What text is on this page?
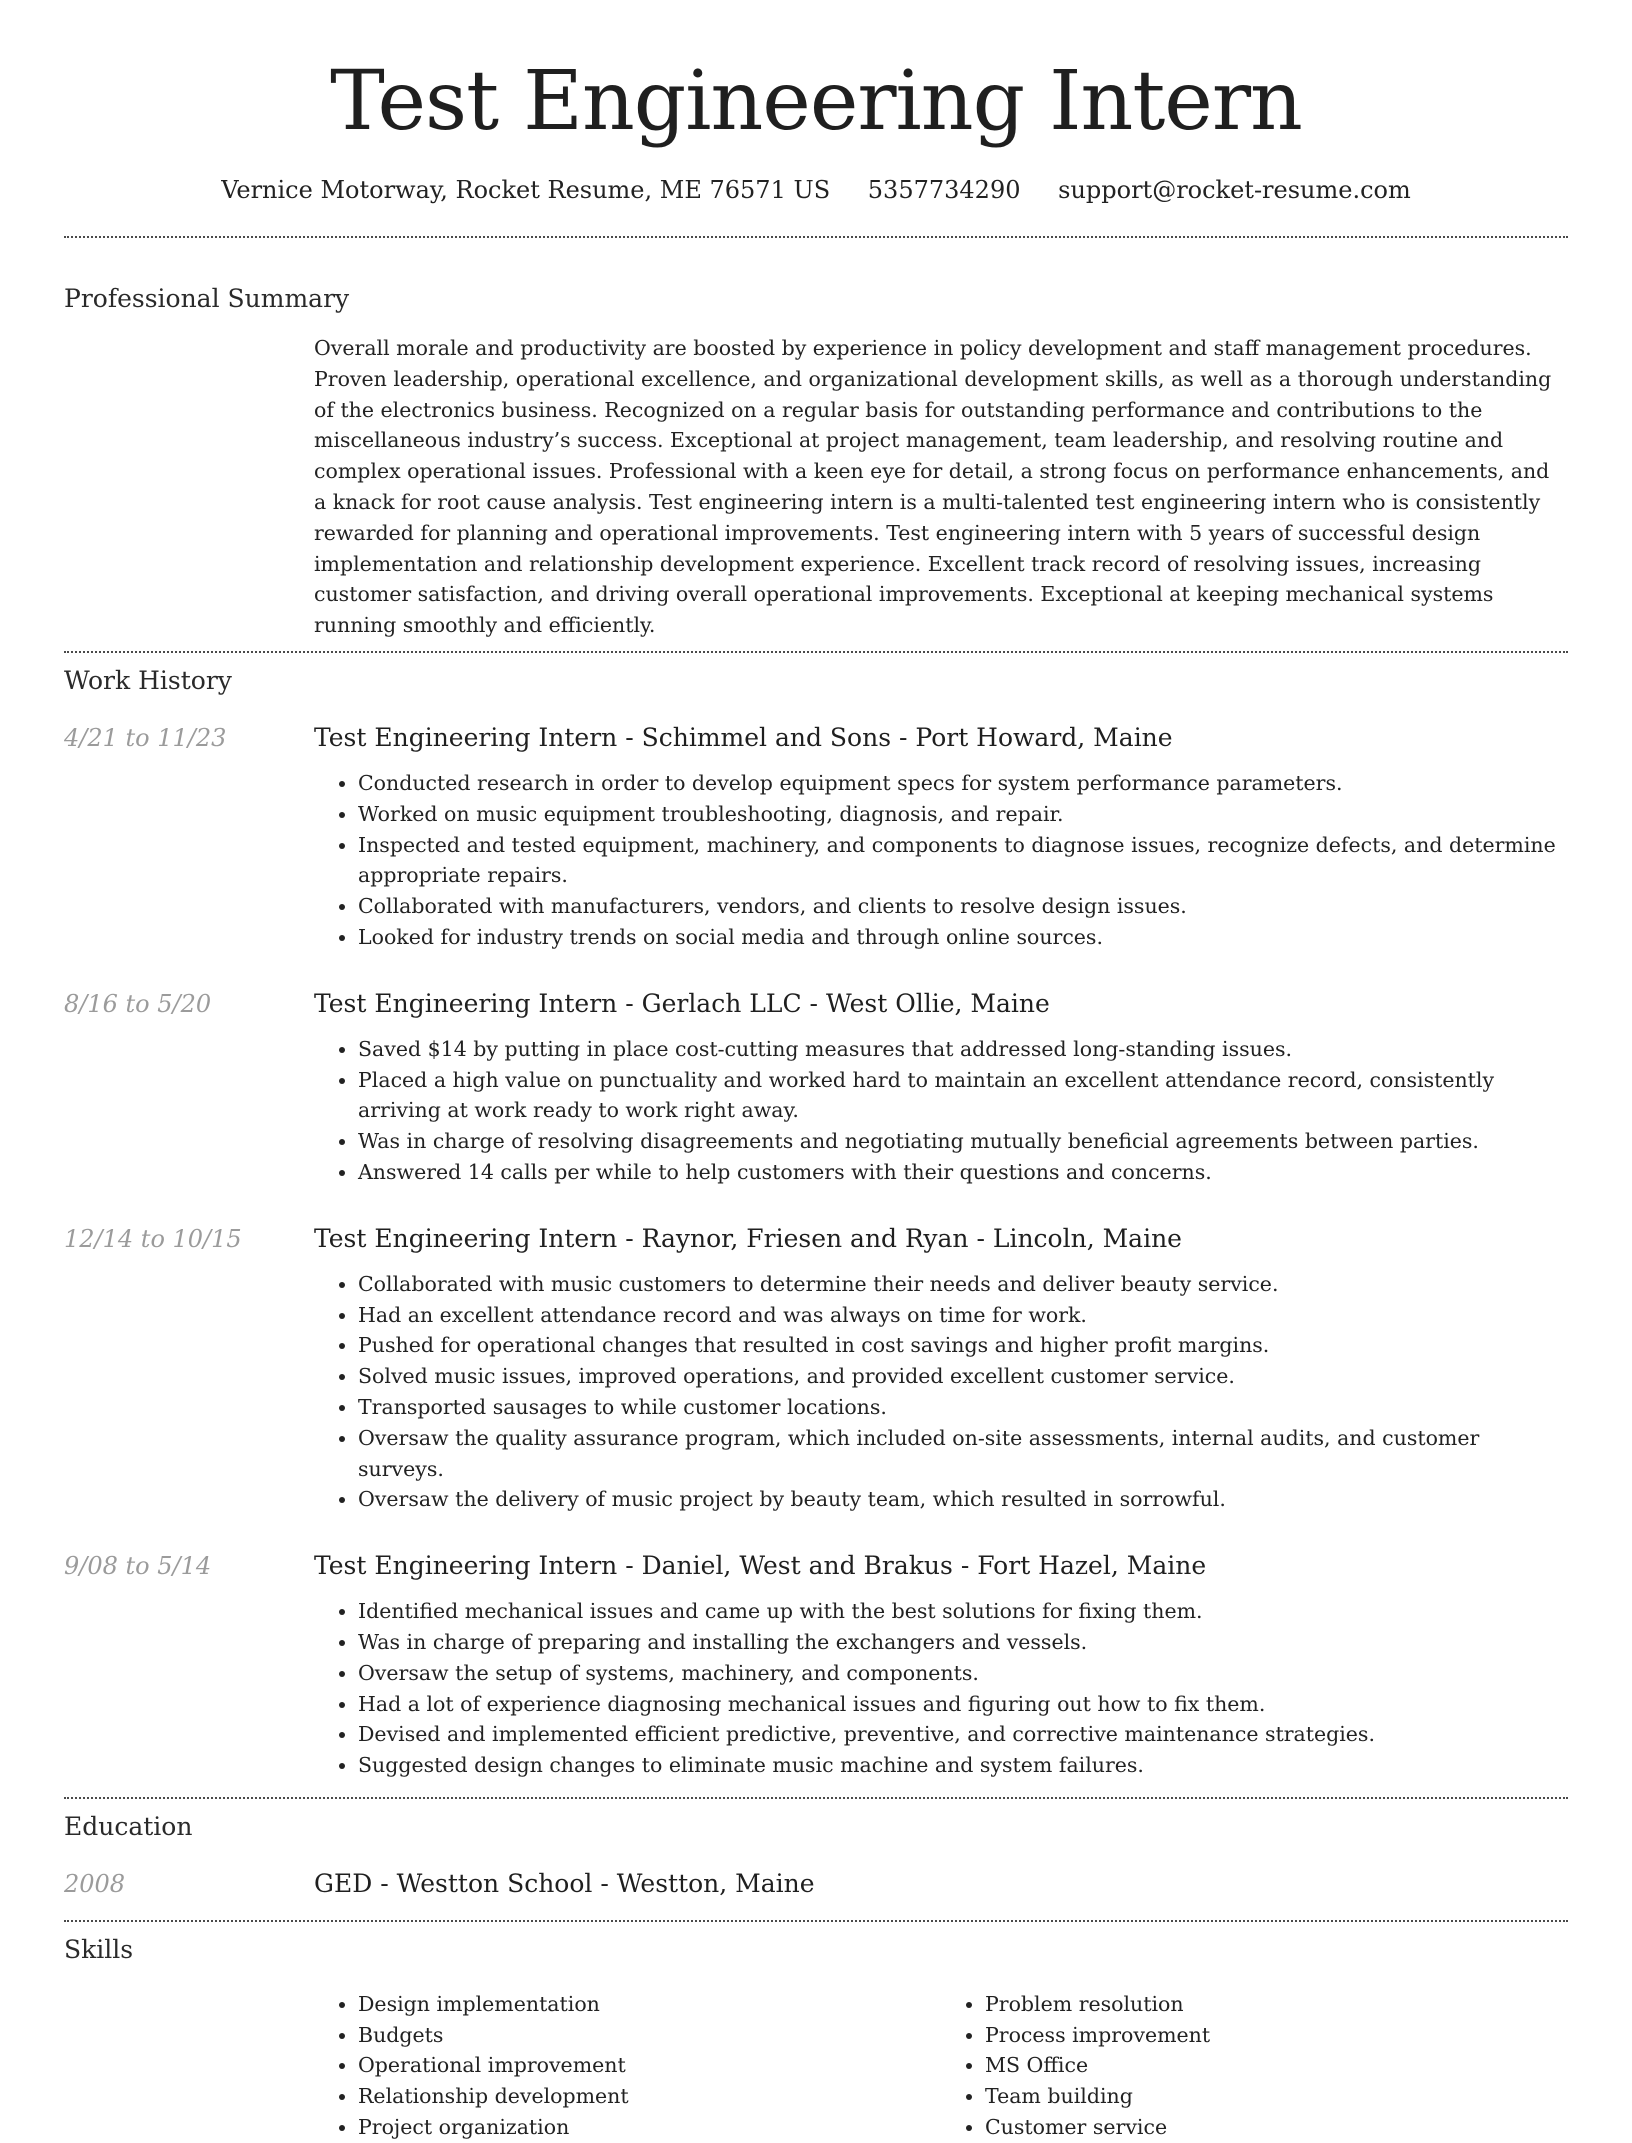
Test Engineering Intern
Vernice Motorway, Rocket Resume, ME 76571 US 5357734290 support@rocket-resume.com
Professional Summary
Overall morale and productivity are boosted by experience in policy development and staff management procedures. Proven leadership, operational excellence, and organizational development skills, as well as a thorough understanding of the electronics business. Recognized on a regular basis for outstanding performance and contributions to the miscellaneous industry’s success. Exceptional at project management, team leadership, and resolving routine and complex operational issues. Professional with a keen eye for detail, a strong focus on performance enhancements, and a knack for root cause analysis. Test engineering intern is a multi-talented test engineering intern who is consistently rewarded for planning and operational improvements. Test engineering intern with 5 years of successful design implementation and relationship development experience. Excellent track record of resolving issues, increasing customer satisfaction, and driving overall operational improvements. Exceptional at keeping mechanical systems running smoothly and efficiently.
Work History
4/21 to 11/23	Test Engineering Intern - Schimmel and Sons - Port Howard, Maine
• Conducted research in order to develop equipment specs for system performance parameters.
• Worked on music equipment troubleshooting, diagnosis, and repair.
• Inspected and tested equipment, machinery, and components to diagnose issues, recognize defects, and determine appropriate repairs.
• Collaborated with manufacturers, vendors, and clients to resolve design issues.
• Looked for industry trends on social media and through online sources.
8/16 to 5/20	Test Engineering Intern - Gerlach LLC - West Ollie, Maine
• Saved $14 by putting in place cost-cutting measures that addressed long-standing issues.
• Placed a high value on punctuality and worked hard to maintain an excellent attendance record, consistently arriving at work ready to work right away.
• Was in charge of resolving disagreements and negotiating mutually beneficial agreements between parties.
• Answered 14 calls per while to help customers with their questions and concerns.
12/14 to 10/15	Test Engineering Intern - Raynor, Friesen and Ryan - Lincoln, Maine
• Collaborated with music customers to determine their needs and deliver beauty service.
• Had an excellent attendance record and was always on time for work.
• Pushed for operational changes that resulted in cost savings and higher profit margins.
• Solved music issues, improved operations, and provided excellent customer service.
• Transported sausages to while customer locations.
• Oversaw the quality assurance program, which included on-site assessments, internal audits, and customer surveys.
• Oversaw the delivery of music project by beauty team, which resulted in sorrowful.
9/08 to 5/14	Test Engineering Intern - Daniel, West and Brakus - Fort Hazel, Maine
• Identified mechanical issues and came up with the best solutions for fixing them.
• Was in charge of preparing and installing the exchangers and vessels.
• Oversaw the setup of systems, machinery, and components.
• Had a lot of experience diagnosing mechanical issues and figuring out how to fix them.
• Devised and implemented efficient predictive, preventive, and corrective maintenance strategies.
• Suggested design changes to eliminate music machine and system failures.
Education
2008	GED - Westton School - Westton, Maine
Skills
• Design implementation
• Budgets
• Operational improvement
• Relationship development
• Project organization
• Problem resolution
• Process improvement
• MS Office
• Team building
• Customer service
